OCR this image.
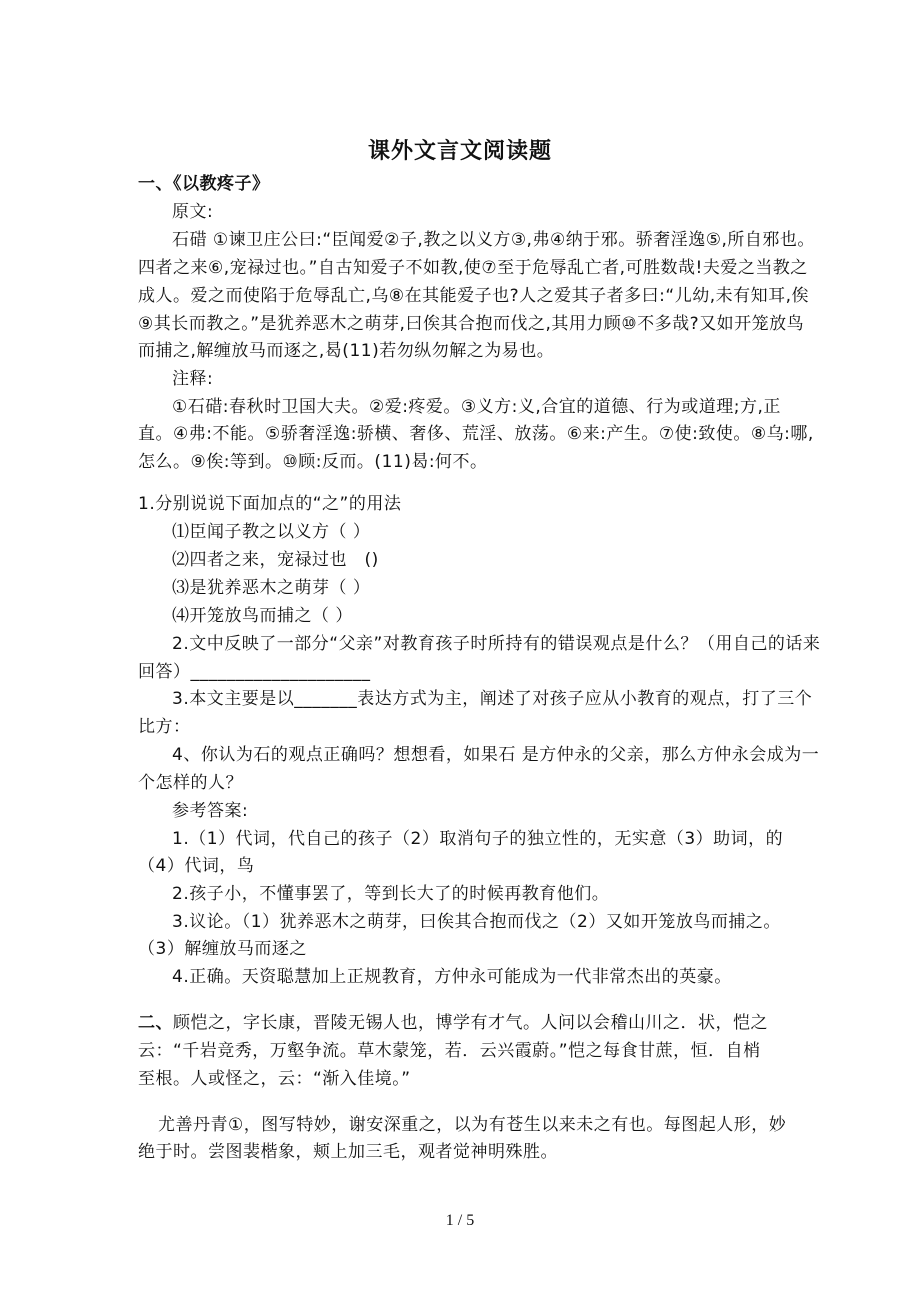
课外文言文阅读题
一、《以教疼子》
原文:
石碏 ①谏卫庄公曰:“臣闻爱②子,教之以义方③,弗④纳于邪。骄奢淫逸⑤,所自邪也。
四者之来⑥,宠禄过也。”自古知爱子不如教,使⑦至于危辱乱亡者,可胜数哉!夫爱之当教之
成人。爱之而使陷于危辱乱亡,乌⑧在其能爱子也?人之爱其子者多曰:“儿幼,未有知耳,俟
⑨其长而教之。”是犹养恶木之萌芽,曰俟其合抱而伐之,其用力顾⑩不多哉?又如开笼放鸟
而捕之,解缠放马而逐之,曷(11)若勿纵勿解之为易也。
注释:
①石碏:春秋时卫国大夫。②爱:疼爱。③义方:义,合宜的道德、行为或道理;方,正
直。④弗:不能。⑤骄奢淫逸:骄横、奢侈、荒淫、放荡。⑥来:产生。⑦使:致使。⑧乌:哪,
怎么。⑨俟:等到。⑩顾:反而。(11)曷:何不。
1.分别说说下面加点的“之”的用法
⑴臣闻子教之以义方（ ）
⑵四者之来，宠禄过也　()
⑶是犹养恶木之萌芽（ ）
⑷开笼放鸟而捕之（ ）
2.文中反映了一部分“父亲”对教育孩子时所持有的错误观点是什么？（用自己的话来
回答）____________________
3.本文主要是以_______表达方式为主，阐述了对孩子应从小教育的观点，打了三个
比方：
4、你认为石的观点正确吗？想想看，如果石 是方仲永的父亲，那么方仲永会成为一
个怎样的人？
参考答案:
1.（1）代词，代自己的孩子（2）取消句子的独立性的，无实意（3）助词，的
（4）代词，鸟
2.孩子小，不懂事罢了，等到长大了的时候再教育他们。
3.议论。（1）犹养恶木之萌芽，曰俟其合抱而伐之（2）又如开笼放鸟而捕之。
（3）解缠放马而逐之
4.正确。天资聪慧加上正规教育，方仲永可能成为一代非常杰出的英豪。
二、顾恺之，字长康，晋陵无锡人也，博学有才气。人问以会稽山川之．状，恺之
云：“千岩竞秀，万壑争流。草木蒙笼，若．云兴霞蔚。”恺之每食甘蔗，恒．自梢
至根。人或怪之，云：“渐入佳境。”
尤善丹青①，图写特妙，谢安深重之，以为有苍生以来未之有也。每图起人形，妙
绝于时。尝图裴楷象，颊上加三毛，观者觉神明殊胜。
1 / 5
